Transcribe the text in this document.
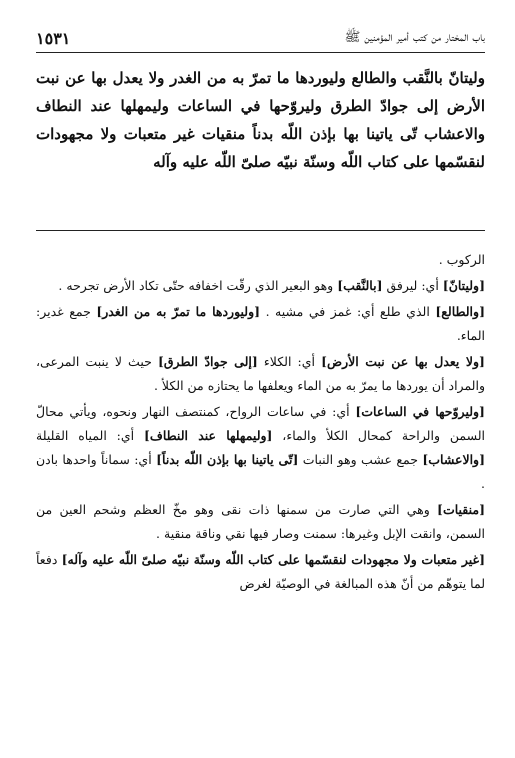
١٥٣١	باب المختار من كتب أمير المؤمنين ﷺ
وليتانّ بالنَّقب والطالع وليوردها ما تمرّ به من الغدر ولا يعدل بها عن نبت الأرض إلى جوادّ الطرق وليروّحها في الساعات وليمهلها عند النطاف والاعشاب تّى ياتينا بها بإذن اللّه بدناً منقيات غير متعبات ولا مجهودات لنقسّمها على كتاب اللّه وسنّة نبيّه صلىّ اللّه عليه وآله

الركوب .

[وليتانّ] أي: ليرفق [بالنَّقب] وهو البعير الذي رقّت اخفافه حتّى تكاد الأرض تجرحه .

[والطالع] الذي طلع أي: غمز في مشيه . [وليوردها ما تمرّ به من الغدر] جمع غدير: الماء.

[ولا يعدل بها عن نبت الأرض] أي: الكلاء [إلى جوادّ الطرق] حيث لا ينبت المرعى، والمراد أن يوردها ما يمرّ به من الماء ويعلفها ما يحتازه من الكلأ .

[وليروّحها في الساعات] أي: في ساعات الرواح، كمنتصف النهار ونحوه، ويأتي محالّ السمن والراحة كمحال الكلأ والماء، [وليمهلها عند النطاف] أي: المياه القليلة [والاعشاب] جمع عشب وهو النبات [تّى ياتينا بها بإذن اللّه بدناً] أي: سماناً واحدها بادن .

[منقيات] وهي التي صارت من سمنها ذات نقى وهو مخّ العظم وشحم العين من السمن، وانقت الإبل وغيرها: سمنت وصار فيها نقي وناقة منقية .

[غير متعبات ولا مجهودات لنقسّمها على كتاب اللّه وسنّة نبيّه صلىّ اللّه عليه وآله] دفعاً لما يتوهّم من أنّ هذه المبالغة في الوصيّة لغرض
